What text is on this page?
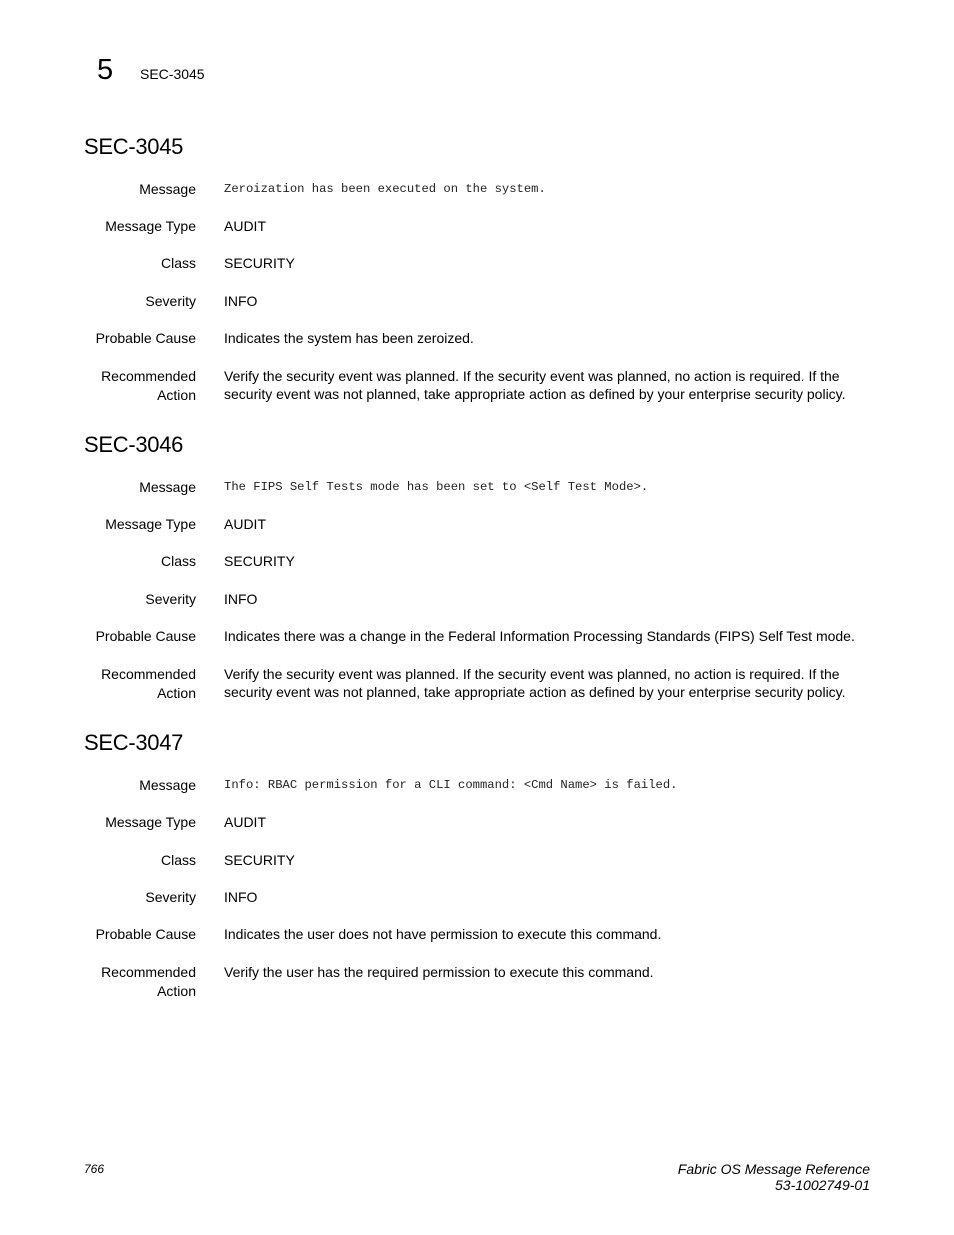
5 SEC-3045
SEC-3045
Message Zeroization has been executed on the system.
Message Type AUDIT
Class SECURITY
Severity INFO
Probable Cause Indicates the system has been zeroized.
Recommended
Action
Verify the security event was planned. If the security event was planned, no action is required. If the security event was not planned, take appropriate action as defined by your enterprise security policy.
SEC-3046
Message The FIPS Self Tests mode has been set to <Self Test Mode>.
Message Type AUDIT
Class SECURITY
Severity INFO
Probable Cause Indicates there was a change in the Federal Information Processing Standards (FIPS) Self Test mode.
Recommended
Action
Verify the security event was planned. If the security event was planned, no action is required. If the security event was not planned, take appropriate action as defined by your enterprise security policy.
SEC-3047
Message Info: RBAC permission for a CLI command: <Cmd Name> is failed.
Message Type AUDIT
Class SECURITY
Severity INFO
Probable Cause Indicates the user does not have permission to execute this command.
Recommended
Action
Verify the user has the required permission to execute this command.
766	Fabric OS Message Reference
53-1002749-01
